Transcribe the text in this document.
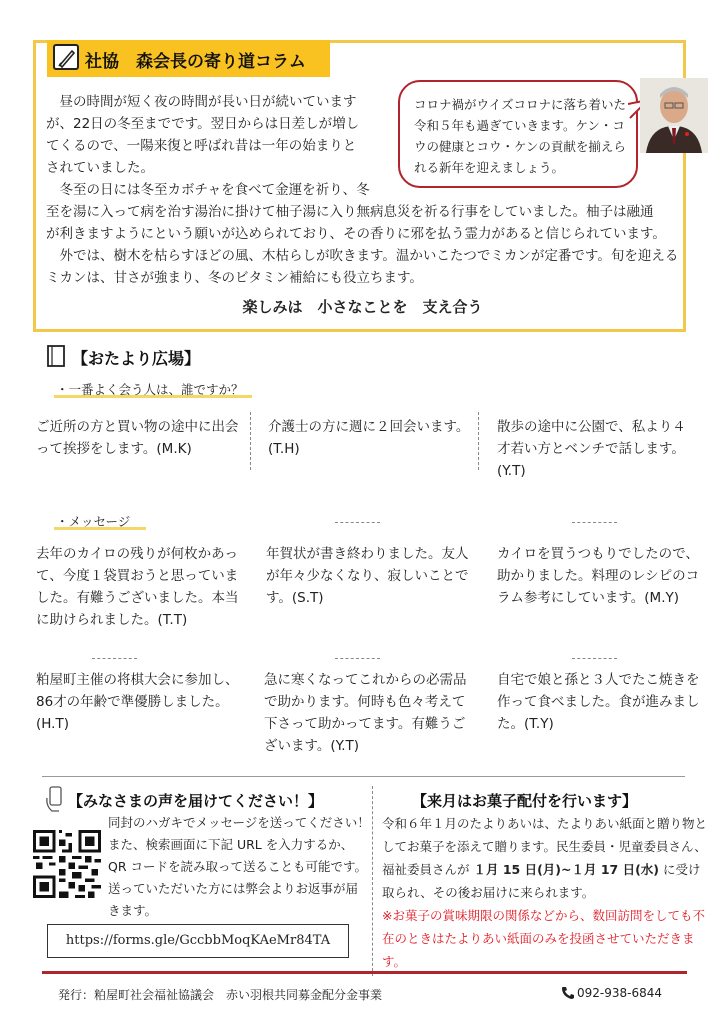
社協　森会長の寄り道コラム
　昼の時間が短く夜の時間が長い日が続いています
が、22日の冬至までです。翌日からは日差しが増し
てくるので、一陽来復と呼ばれ昔は一年の始まりと
されていました。
　冬至の日には冬至カボチャを食べて金運を祈り、冬
至を湯に入って病を治す湯治に掛けて柚子湯に入り無病息災を祈る行事をしていました。柚子は融通
が利きますようにという願いが込められており、その香りに邪を払う霊力があると信じられています。
　外では、樹木を枯らすほどの風、木枯らしが吹きます。温かいこたつでミカンが定番です。旬を迎える
ミカンは、甘さが強まり、冬のビタミン補給にも役立ちます。
コロナ禍がウイズコロナに落ち着いた令和５年も過ぎていきます。ケン・コウの健康とコウ・ケンの貢献を揃えられる新年を迎えましょう。
楽しみは　小さなことを　支え合う
【おたより広場】
・一番よく会う人は、誰ですか？
ご近所の方と買い物の途中に出会って挨拶をします。(M.K)
介護士の方に週に２回会います。(T.H)
散歩の途中に公園で、私より４才若い方とベンチで話します。(Y.T)
・メッセージ
去年のカイロの残りが何枚かあって、今度１袋買おうと思っていました。有難うございました。本当に助けられました。(T.T)
年賀状が書き終わりました。友人が年々少なくなり、寂しいことです。(S.T)
カイロを買うつもりでしたので、助かりました。料理のレシピのコラム参考にしています。(M.Y)
粕屋町主催の将棋大会に参加し、86才の年齢で準優勝しました。(H.T)
急に寒くなってこれからの必需品で助かります。何時も色々考えて下さって助かってます。有難うございます。(Y.T)
自宅で娘と孫と３人でたこ焼きを作って食べました。食が進みました。(T.Y)
【みなさまの声を届けてください！】
同封のハガキでメッセージを送ってください！また、検索画面に下記 URL を入力するか、QR コードを読み取って送ることも可能です。送っていただいた方には弊会よりお返事が届きます。
https://forms.gle/GccbbMoqKAeMr84TA
【来月はお菓子配付を行います】
令和６年１月のたよりあいは、たよりあい紙面と贈り物としてお菓子を添えて贈ります。民生委員・児童委員さん、福祉委員さんが １月 15 日(月)~１月 17 日(水) に受け取られ、その後お届けに来られます。
※お菓子の賞味期限の関係などから、数回訪問をしても不在のときはたよりあい紙面のみを投函させていただきます。
発行：粕屋町社会福祉協議会　赤い羽根共同募金配分金事業	092-938-6844
